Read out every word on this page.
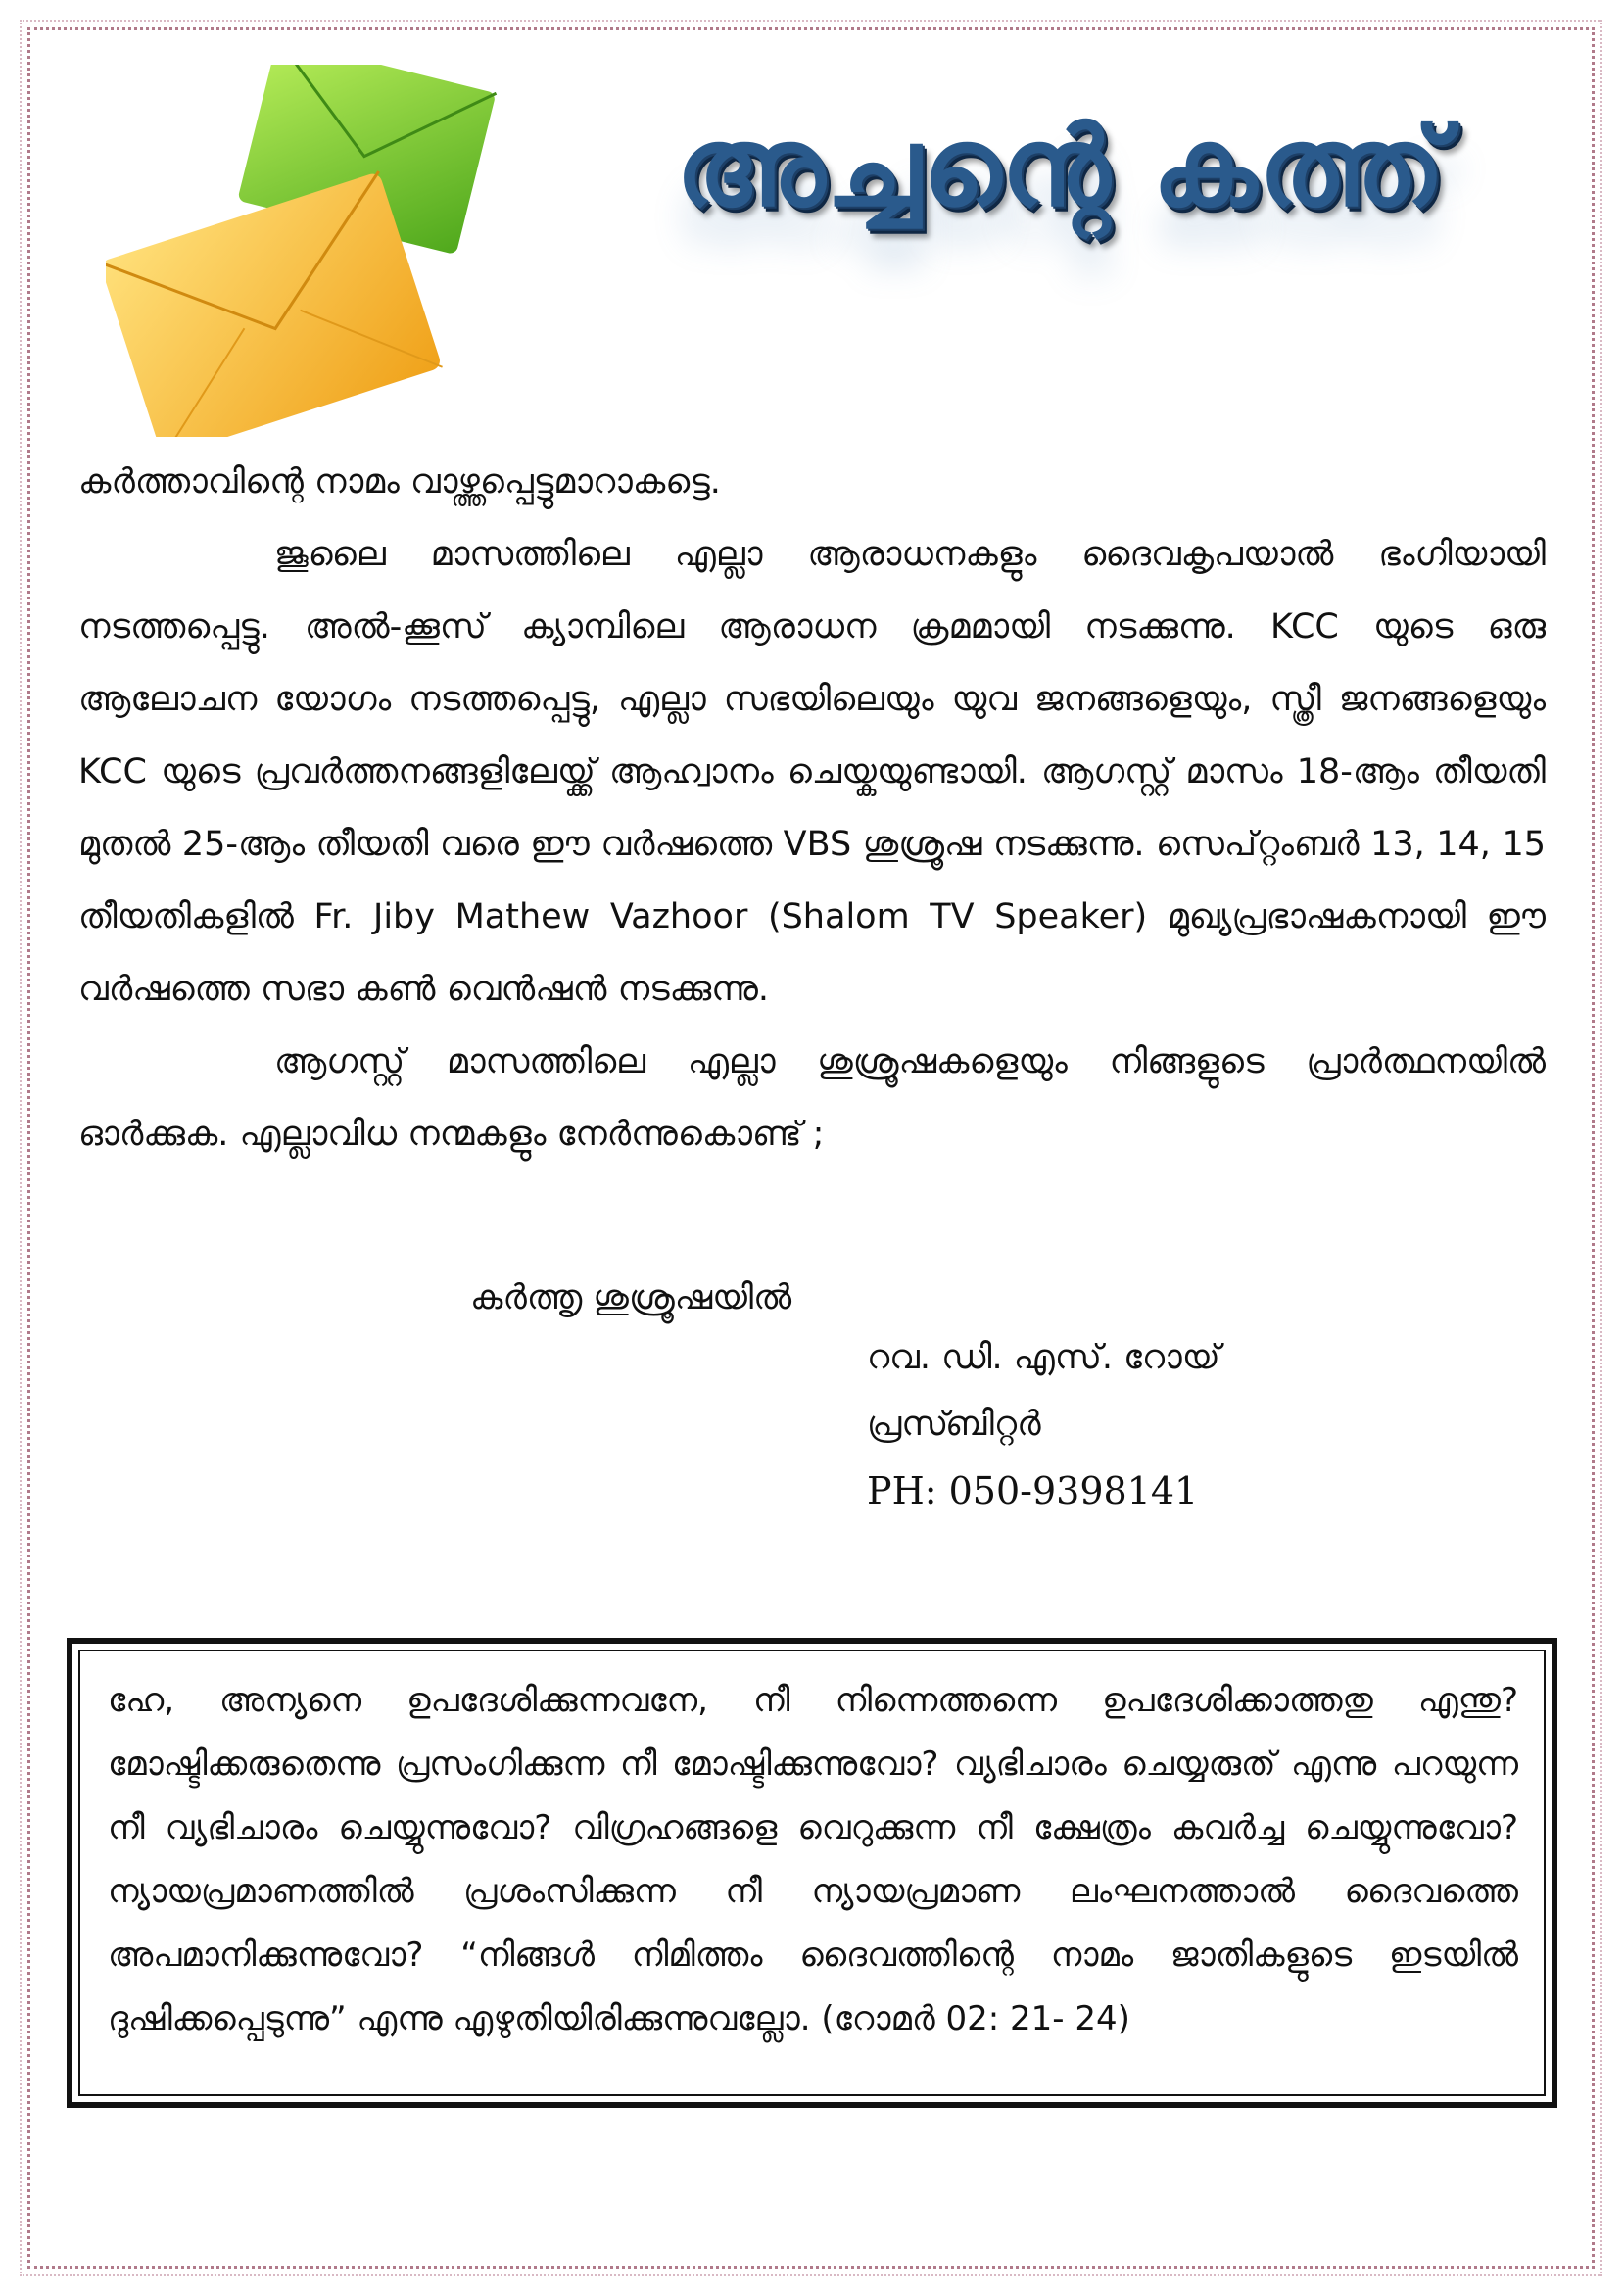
അച്ചന്റെ കത്ത്

കർത്താവിന്റെ നാമം വാഴ്ത്തപ്പെട്ടുമാറാകട്ടെ.

ജൂലൈ മാസത്തിലെ എല്ലാ ആരാധനകളും ദൈവകൃപയാൽ ഭംഗിയായി നടത്തപ്പെട്ടു. അൽ-ക്കൂസ് ക്യാമ്പിലെ ആരാധന ക്രമമായി നടക്കുന്നു. KCC യുടെ ഒരു ആലോചന യോഗം നടത്തപ്പെട്ടു, എല്ലാ സഭയിലെയും യുവ ജനങ്ങളെയും, സ്ത്രീ ജനങ്ങളെയും KCC യുടെ പ്രവർത്തനങ്ങളിലേയ്ക്ക് ആഹ്വാനം ചെയ്കയുണ്ടായി. ആഗസ്റ്റ് മാസം 18-ആം തീയതി മുതൽ 25-ആം തീയതി വരെ ഈ വർഷത്തെ VBS ശുശ്രൂഷ നടക്കുന്നു. സെപ്റ്റംബർ 13, 14, 15 തീയതികളിൽ Fr. Jiby Mathew Vazhoor (Shalom TV Speaker) മുഖ്യപ്രഭാഷകനായി ഈ വർഷത്തെ സഭാ കൺ വെൻഷൻ നടക്കുന്നു.

ആഗസ്റ്റ് മാസത്തിലെ എല്ലാ ശുശ്രൂഷകളെയും നിങ്ങളുടെ പ്രാർത്ഥനയിൽ ഓർക്കുക. എല്ലാവിധ നന്മകളും നേർന്നുകൊണ്ട് ;

കർത്തൃ ശുശ്രൂഷയിൽ
റവ. ഡി. എസ്. റോയ്
പ്രസ്ബിറ്റർ
PH: 050-9398141

ഹേ, അന്യനെ ഉപദേശിക്കുന്നവനേ, നീ നിന്നെത്തന്നെ ഉപദേശിക്കാത്തതു എന്തു? മോഷ്ടിക്കരുതെന്നു പ്രസംഗിക്കുന്ന നീ മോഷ്ടിക്കുന്നുവോ? വ്യഭിചാരം ചെയ്യരുത് എന്നു പറയുന്ന നീ വ്യഭിചാരം ചെയ്യുന്നുവോ? വിഗ്രഹങ്ങളെ വെറുക്കുന്ന നീ ക്ഷേത്രം കവർച്ച ചെയ്യുന്നുവോ? ന്യായപ്രമാണത്തിൽ പ്രശംസിക്കുന്ന നീ ന്യായപ്രമാണ ലംഘനത്താൽ ദൈവത്തെ അപമാനിക്കുന്നുവോ? “നിങ്ങൾ നിമിത്തം ദൈവത്തിന്റെ നാമം ജാതികളുടെ ഇടയിൽ ദുഷിക്കപ്പെടുന്നു” എന്നു എഴുതിയിരിക്കുന്നുവല്ലോ. (റോമർ 02: 21- 24)
